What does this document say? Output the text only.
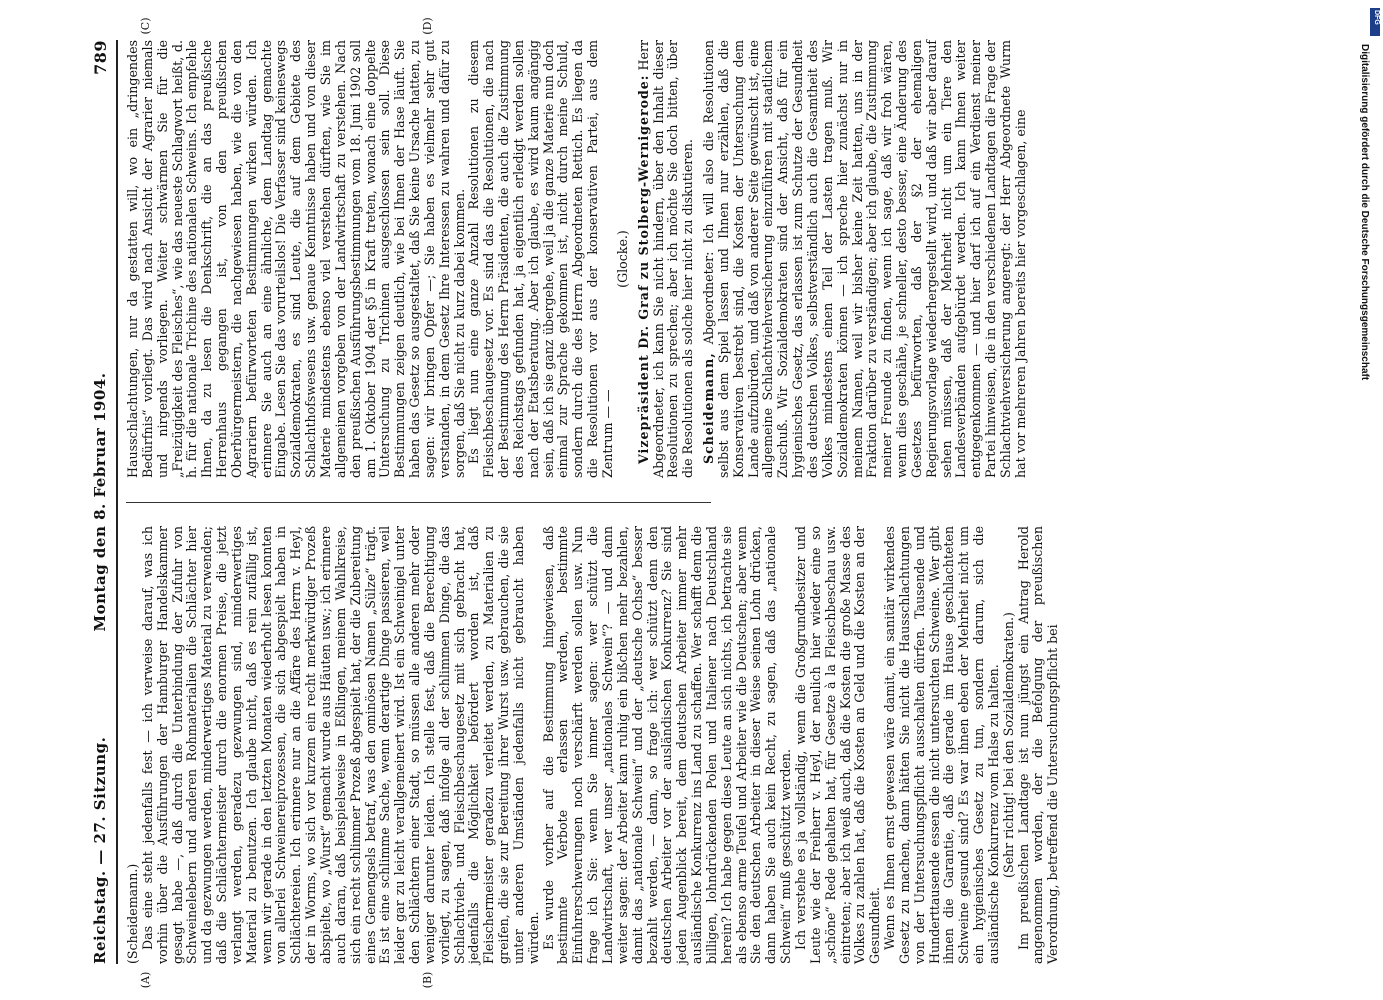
Reichstag. — 27. Sitzung.
Montag den 8. Februar 1904.
789

(Scheidemann.) Das eine steht jedenfalls fest — ich verweise darauf, was ich vorhin über die Ausführungen der Hamburger Handelskammer gesagt habe —, daß durch die Unterbindung der Zufuhr von Schweinelebern und anderen Rohmaterialien die Schlächter hier und da gezwungen werden, minderwertiges Material zu verwenden; daß die Schlächtermeister durch die enormen Preise, die jetzt verlangt werden, geradezu gezwungen sind, minderwertiges Material zu benutzen. Ich glaube nicht, daß es rein zufällig ist, wenn wir gerade in den letzten Monaten wiederholt lesen konnten von allerlei Schweinereiprozessen, die sich abgespielt haben in Schlächtereien. Ich erinnere nur an die Affäre des Herrn v. Heyl, der in Worms, wo sich vor kurzem ein recht merkwürdiger Prozeß abspielte, wo „Wurst“ gemacht wurde aus Häuten usw.; ich erinnere auch daran, daß beispielsweise in Eßlingen, meinem Wahlkreise, sich ein recht schlimmer Prozeß abgespielt hat, der die Zubereitung eines Gemengsels betraf, was den ominösen Namen „Sülze“ trägt. Es ist eine schlimme Sache, wenn derartige Dinge passieren, weil leider gar zu leicht verallgemeinert wird. Ist ein Schweinigel unter den Schlächtern einer Stadt, so müssen alle anderen mehr oder weniger darunter leiden. Ich stelle fest, daß die Berechtigung vorliegt, zu sagen, daß infolge all der schlimmen Dinge, die das Schlachtvieh- und Fleischbeschaugesetz mit sich gebracht hat, jedenfalls die Möglichkeit befördert worden ist, daß Fleischermeister geradezu verleitet werden, zu Materialien zu greifen, die sie zur Bereitung ihrer Wurst usw. gebrauchen, die sie unter anderen Umständen jedenfalls nicht gebraucht haben würden. Es wurde vorher auf die Bestimmung hingewiesen, daß bestimmte Verbote erlassen werden, bestimmte Einfuhrerschwerungen noch verschärft werden sollen usw. Nun frage ich Sie: wenn Sie immer sagen: wer schützt die Landwirtschaft, wer unser „nationales Schwein“? — und dann weiter sagen: der Arbeiter kann ruhig ein bißchen mehr bezahlen, damit das „nationale Schwein“ und der „deutsche Ochse“ besser bezahlt werden, — dann, so frage ich: wer schützt denn den deutschen Arbeiter vor der ausländischen Konkurrenz? Sie sind jeden Augenblick bereit, dem deutschen Arbeiter immer mehr ausländische Konkurrenz ins Land zu schaffen. Wer schafft denn die billigen, lohndrückenden Polen und Italiener nach Deutschland herein? Ich habe gegen diese Leute an sich nichts, ich betrachte sie als ebenso arme Teufel und Arbeiter wie die Deutschen; aber wenn Sie den deutschen Arbeiter in dieser Weise seinen Lohn drücken, dann haben Sie auch kein Recht, zu sagen, daß das „nationale Schwein“ muß geschützt werden. Ich verstehe es ja vollständig, wenn die Großgrundbesitzer und Leute wie der Freiherr v. Heyl, der neulich hier wieder eine so „schöne“ Rede gehalten hat, für Gesetze à la Fleischbeschau usw. eintreten; aber ich weiß auch, daß die Kosten die große Masse des Volkes zu zahlen hat, daß die Kosten an Geld und die Kosten an der Gesundheit. Wenn es Ihnen ernst gewesen wäre damit, ein sanitär wirkendes Gesetz zu machen, dann hätten Sie nicht die Hausschlachtungen von der Untersuchungspflicht ausschalten dürfen. Tausende und Hunderttausende essen die nicht untersuchten Schweine. Wer gibt ihnen die Garantie, daß die gerade im Hause geschlachteten Schweine gesund sind? Es war ihnen eben der Mehrheit nicht um ein hygienisches Gesetz zu tun, sondern darum, sich die ausländische Konkurrenz vom Halse zu halten. (Sehr richtig! bei den Sozialdemokraten.) Im preußischen Landtage ist nun jüngst ein Antrag Herold angenommen worden, der die Befolgung der preußischen Verordnung, betreffend die Untersuchungspflicht bei

Hausschlachtungen, nur da gestatten will, wo ein „dringendes Bedürfnis“ vorliegt. Das wird nach Ansicht der Agrarier niemals und nirgends vorliegen. Weiter schwärmen Sie für die „Freizügigkeit des Fleisches“, wie das neueste Schlagwort heißt, d. h. für die nationale Trichine des nationalen Schweins. Ich empfehle Ihnen, da zu lesen die Denkschrift, die an das preußische Herrenhaus gegangen ist, von den preußischen Oberbürgermeistern, die nachgewiesen haben, wie die von den Agrariern befürworteten Bestimmungen wirken würden. Ich erinnere Sie auch an eine ähnliche, dem Landtag gemachte Eingabe. Lesen Sie das vorurteilslos! Die Verfasser sind keineswegs Sozialdemokraten, es sind Leute, die auf dem Gebiete des Schlachthofswesens usw. genaue Kenntnisse haben und von dieser Materie mindestens ebenso viel verstehen dürften, wie Sie im allgemeinen vorgeben von der Landwirtschaft zu verstehen. Nach den preußischen Ausführungsbestimmungen vom 18. Juni 1902 soll am 1. Oktober 1904 der §5 in Kraft treten, wonach eine doppelte Untersuchung zu Trichinen ausgeschlossen sein soll. Diese Bestimmungen zeigen deutlich, wie bei Ihnen der Hase läuft. Sie haben das Gesetz so ausgestaltet, daß Sie keine Ursache hatten, zu sagen: wir bringen Opfer —; Sie haben es vielmehr sehr gut verstanden, in dem Gesetz Ihre Interessen zu wahren und dafür zu sorgen, daß Sie nicht zu kurz dabei kommen. Es liegt nun eine ganze Anzahl Resolutionen zu diesem Fleischbeschaugesetz vor. Es sind das die Resolutionen, die nach der Bestimmung des Herrn Präsidenten, die auch die Zustimmung des Reichstags gefunden hat, ja eigentlich erledigt werden sollen nach der Etatsberatung. Aber ich glaube, es wird kaum angängig sein, daß ich sie ganz übergehe, weil ja die ganze Materie nun doch einmal zur Sprache gekommen ist, nicht durch meine Schuld, sondern durch die des Herrn Abgeordneten Rettich. Es liegen da die Resolutionen vor aus der konservativen Partei, aus dem Zentrum — —

(Glocke.) Vizepräsident Dr. Graf zu Stolberg-Wernigerode: Herr Abgeordneter, ich kann Sie nicht hindern, über den Inhalt dieser Resolutionen zu sprechen; aber ich möchte Sie doch bitten, über die Resolutionen als solche hier nicht zu diskutieren. Scheidemann, Abgeordneter: Ich will also die Resolutionen selbst aus dem Spiel lassen und Ihnen nur erzählen, daß die Konservativen bestrebt sind, die Kosten der Untersuchung dem Lande aufzubürden, und daß von anderer Seite gewünscht ist, eine allgemeine Schlachtviehversicherung einzuführen mit staatlichem Zuschuß. Wir Sozialdemokraten sind der Ansicht, daß für ein hygienisches Gesetz, das erlassen ist zum Schutze der Gesundheit des deutschen Volkes, selbstverständlich auch die Gesamtheit des Volkes mindestens einen Teil der Lasten tragen muß. Wir Sozialdemokraten können — ich spreche hier zunächst nur in meinem Namen, weil wir bisher keine Zeit hatten, uns in der Fraktion darüber zu verständigen; aber ich glaube, die Zustimmung meiner Freunde zu finden, wenn ich sage, daß wir froh wären, wenn dies geschähe, je schneller, desto besser, eine Änderung des Gesetzes befürworten, daß der §2 der ehemaligen Regierungsvorlage wiederhergestellt wird, und daß wir aber darauf sehen müssen, daß der Mehrheit nicht um ein Tiere den Landesverbänden aufgebürdet werden. Ich kann Ihnen weiter entgegenkommen — und hier darf ich auf ein Verdienst meiner Partei hinweisen, die in den verschiedenen Landtagen die Frage der Schlachtviehversicherung angeregt: der Herr Abgeordnete Wurm hat vor mehreren Jahren bereits hier vorgeschlagen, eine

(A)	(B)
(C)	(D)	DFG
Digitalisierung gefördert durch die Deutsche Forschungsgemeinschaft
